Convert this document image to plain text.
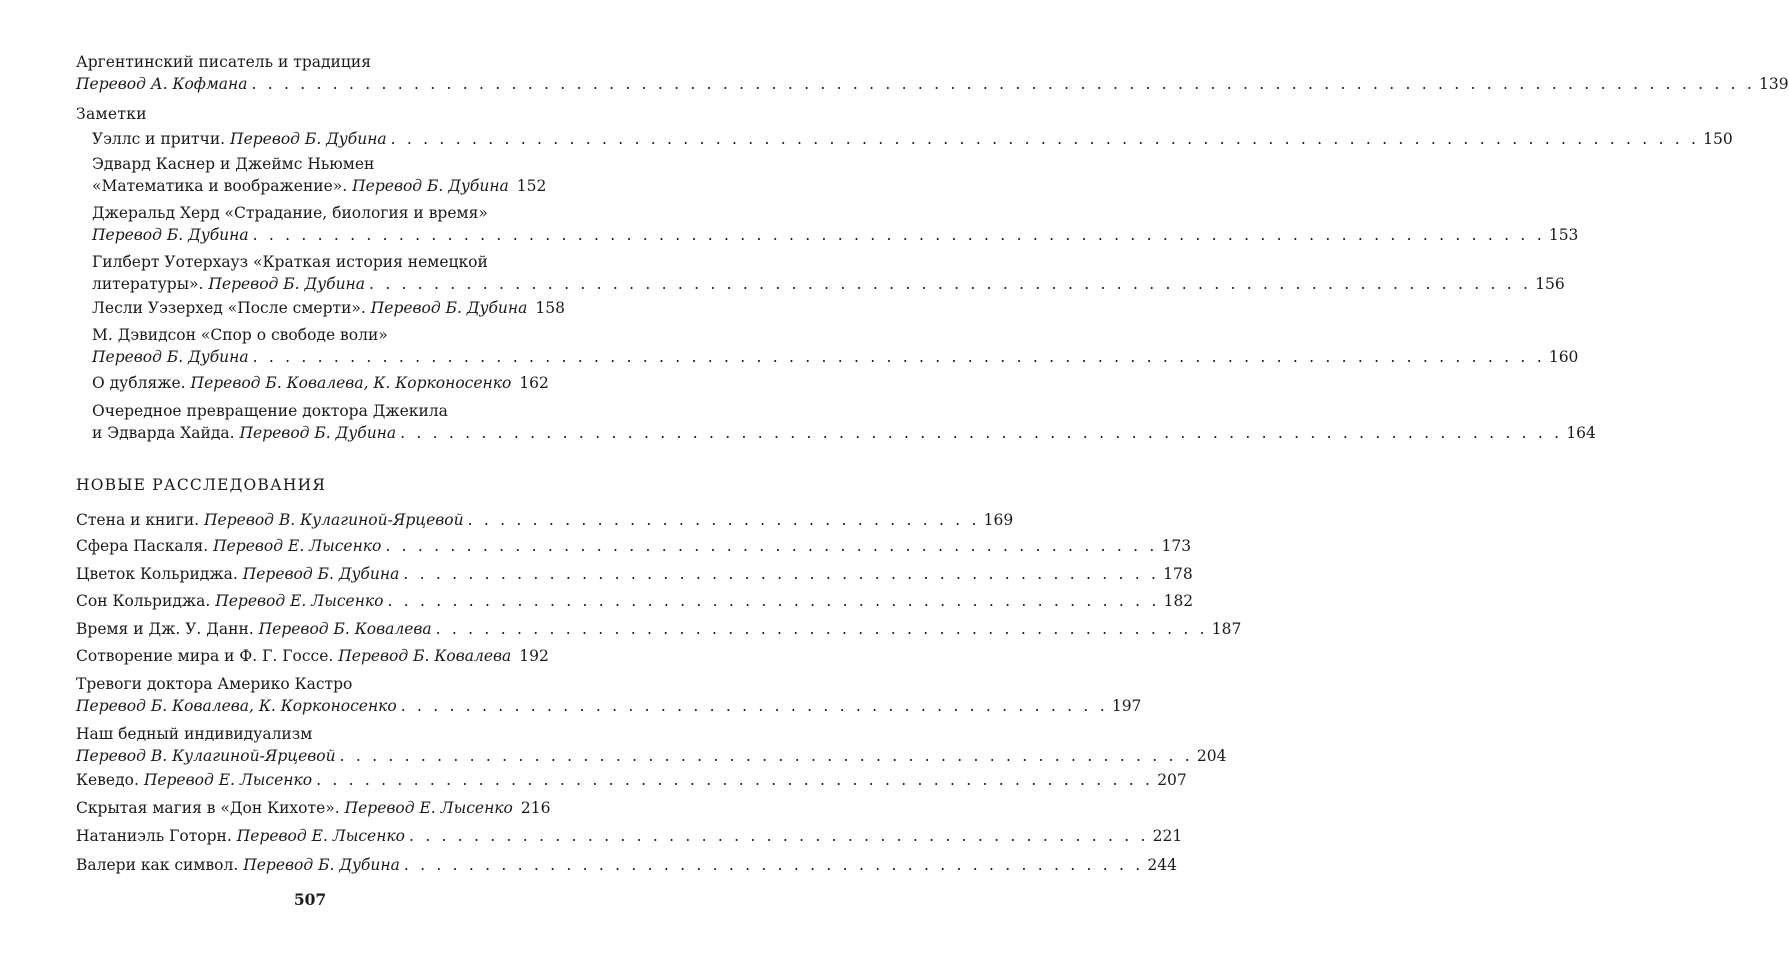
Аргентинский писатель и традиция
Перевод А. Кофмана . . . . . . . . . . . . . . . . . . . . . . . . . . . . . . . . . . . . . . . . . . . . . . . . . . . . . . . . . . . . . . . . . . . . . . . . . . . . . . . . . . . . . . . . . . . . . 139
Заметки
Уэллс и притчи. Перевод Б. Дубина . . . . . . . . . . . . . . . . . . . . . . . . . . . . . . . . . . . . . . . . . . . . . . . . . . . . . . . . . . . . . . . . . . . . . . . . . . . . . . . . . 150
Эдвард Каснер и Джеймс Ньюмен
«Математика и воображение». Перевод Б. Дубина 152
Джеральд Херд «Страдание, биология и время»
Перевод Б. Дубина . . . . . . . . . . . . . . . . . . . . . . . . . . . . . . . . . . . . . . . . . . . . . . . . . . . . . . . . . . . . . . . . . . . . . . . . . . . . . . . . 153
Гилберт Уотерхауз «Краткая история немецкой
литературы». Перевод Б. Дубина . . . . . . . . . . . . . . . . . . . . . . . . . . . . . . . . . . . . . . . . . . . . . . . . . . . . . . . . . . . . . . . . . . . . . . . . 156
Лесли Уэзерхед «После смерти». Перевод Б. Дубина 158
М. Дэвидсон «Спор о свободе воли»
Перевод Б. Дубина . . . . . . . . . . . . . . . . . . . . . . . . . . . . . . . . . . . . . . . . . . . . . . . . . . . . . . . . . . . . . . . . . . . . . . . . . . . . . . . . 160
О дубляже. Перевод Б. Ковалева, К. Корконосенко 162
Очередное превращение доктора Джекила
и Эдварда Хайда. Перевод Б. Дубина . . . . . . . . . . . . . . . . . . . . . . . . . . . . . . . . . . . . . . . . . . . . . . . . . . . . . . . . . . . . . . . . . . . . . . . . 164
НОВЫЕ РАССЛЕДОВАНИЯ
Стена и книги. Перевод В. Кулагиной-Ярцевой . . . . . . . . . . . . . . . . . . . . . . . . . . . . . . . . 169
Сфера Паскаля. Перевод Е. Лысенко . . . . . . . . . . . . . . . . . . . . . . . . . . . . . . . . . . . . . . . . . . . . . . . . 173
Цветок Кольриджа. Перевод Б. Дубина . . . . . . . . . . . . . . . . . . . . . . . . . . . . . . . . . . . . . . . . . . . . . . . 178
Сон Кольриджа. Перевод Е. Лысенко . . . . . . . . . . . . . . . . . . . . . . . . . . . . . . . . . . . . . . . . . . . . . . . . 182
Время и Дж. У. Данн. Перевод Б. Ковалева . . . . . . . . . . . . . . . . . . . . . . . . . . . . . . . . . . . . . . . . . . . . . . . . 187
Сотворение мира и Ф. Г. Госсе. Перевод Б. Ковалева 192
Тревоги доктора Америко Кастро
Перевод Б. Ковалева, К. Корконосенко . . . . . . . . . . . . . . . . . . . . . . . . . . . . . . . . . . . . . . . . . . . . 197
Наш бедный индивидуализм
Перевод В. Кулагиной-Ярцевой . . . . . . . . . . . . . . . . . . . . . . . . . . . . . . . . . . . . . . . . . . . . . . . . . . . . . 204
Кеведо. Перевод Е. Лысенко . . . . . . . . . . . . . . . . . . . . . . . . . . . . . . . . . . . . . . . . . . . . . . . . . . . . 207
Скрытая магия в «Дон Кихоте». Перевод Е. Лысенко 216
Натаниэль Готорн. Перевод Е. Лысенко . . . . . . . . . . . . . . . . . . . . . . . . . . . . . . . . . . . . . . . . . . . . . . 221
Валери как символ. Перевод Б. Дубина . . . . . . . . . . . . . . . . . . . . . . . . . . . . . . . . . . . . . . . . . . . . . . 244
507
